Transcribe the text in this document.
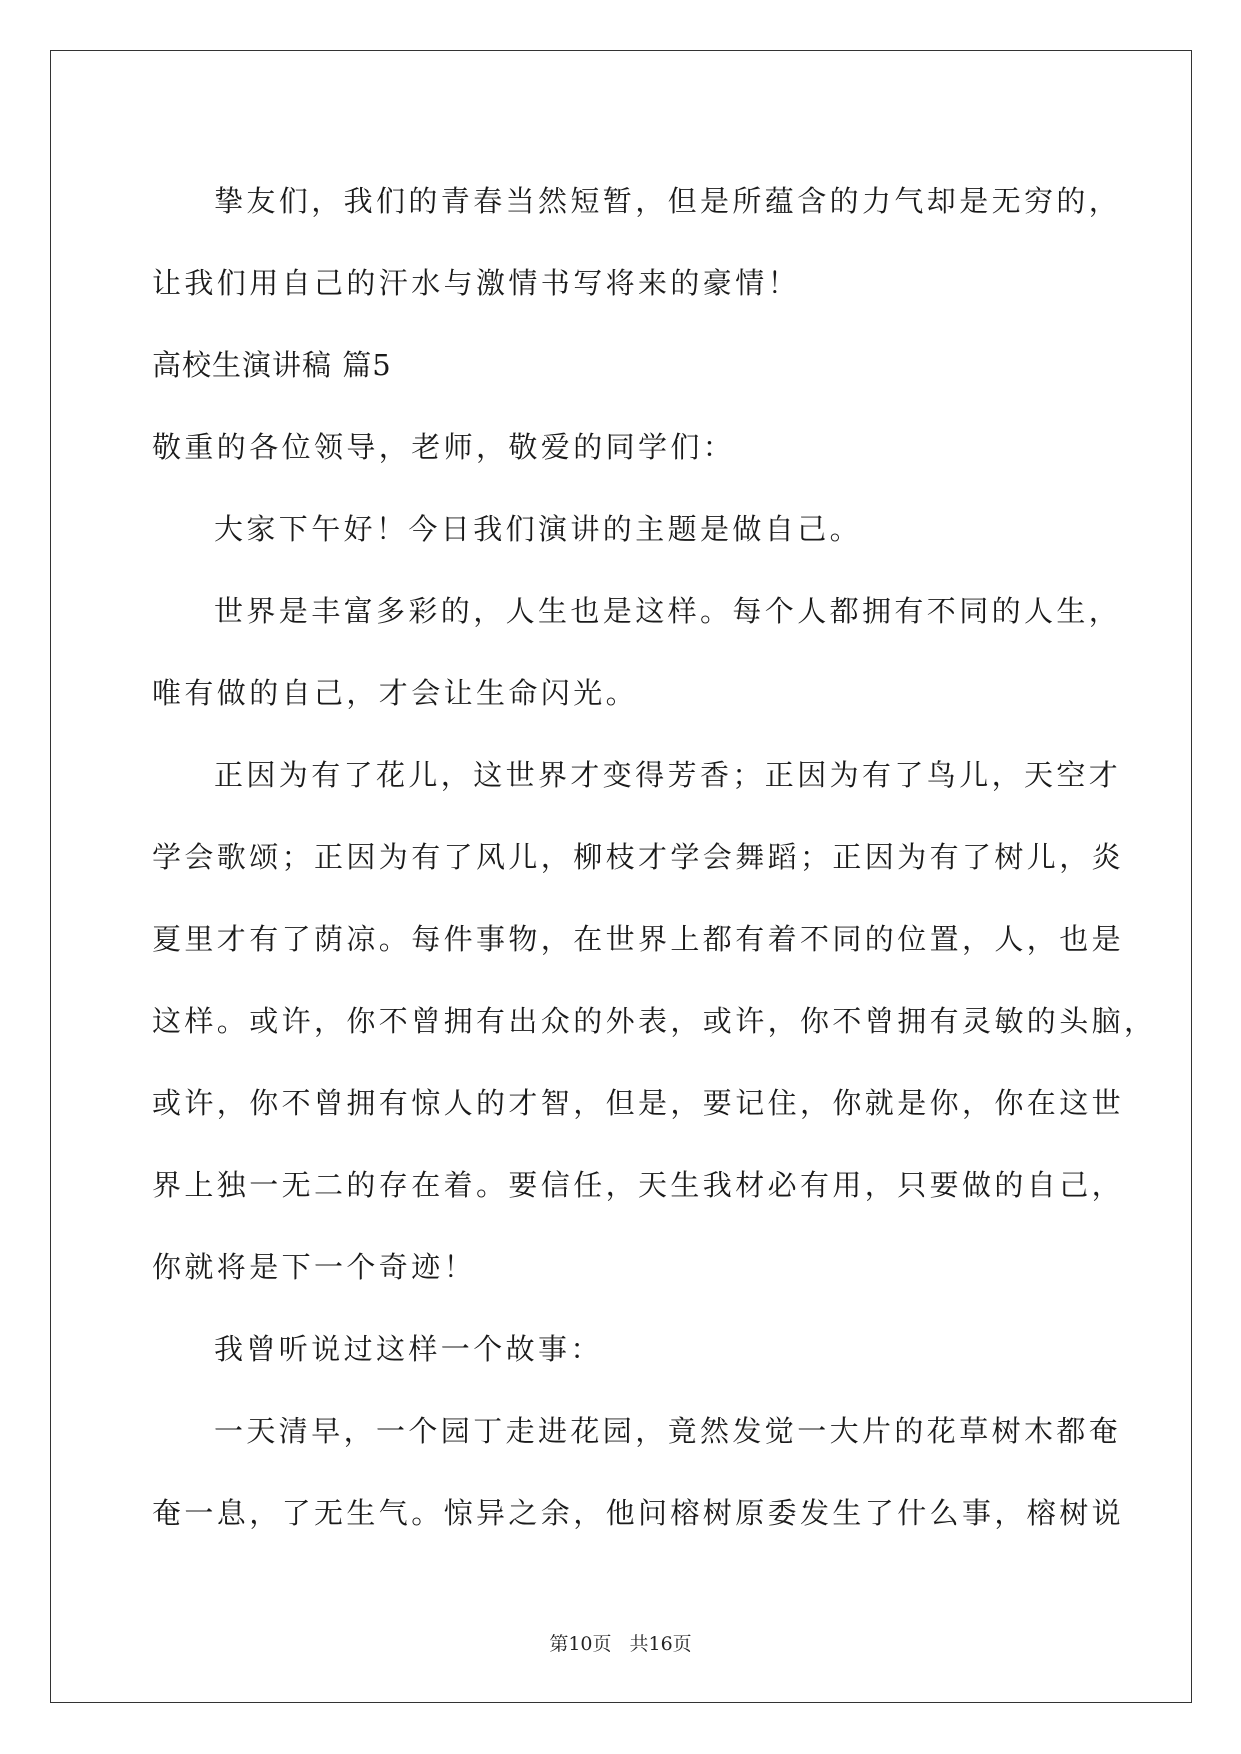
挚友们，我们的青春当然短暂，但是所蕴含的力气却是无穷的，
让我们用自己的汗水与激情书写将来的豪情！
高校生演讲稿 篇5
敬重的各位领导，老师，敬爱的同学们：
大家下午好！今日我们演讲的主题是做自己。
世界是丰富多彩的，人生也是这样。每个人都拥有不同的人生，
唯有做的自己，才会让生命闪光。
正因为有了花儿，这世界才变得芳香；正因为有了鸟儿，天空才
学会歌颂；正因为有了风儿，柳枝才学会舞蹈；正因为有了树儿，炎
夏里才有了荫凉。每件事物，在世界上都有着不同的位置，人，也是
这样。或许，你不曾拥有出众的外表，或许，你不曾拥有灵敏的头脑，
或许，你不曾拥有惊人的才智，但是，要记住，你就是你，你在这世
界上独一无二的存在着。要信任，天生我材必有用，只要做的自己，
你就将是下一个奇迹！
我曾听说过这样一个故事：
一天清早，一个园丁走进花园，竟然发觉一大片的花草树木都奄
奄一息，了无生气。惊异之余，他问榕树原委发生了什么事，榕树说
第10页 共16页
